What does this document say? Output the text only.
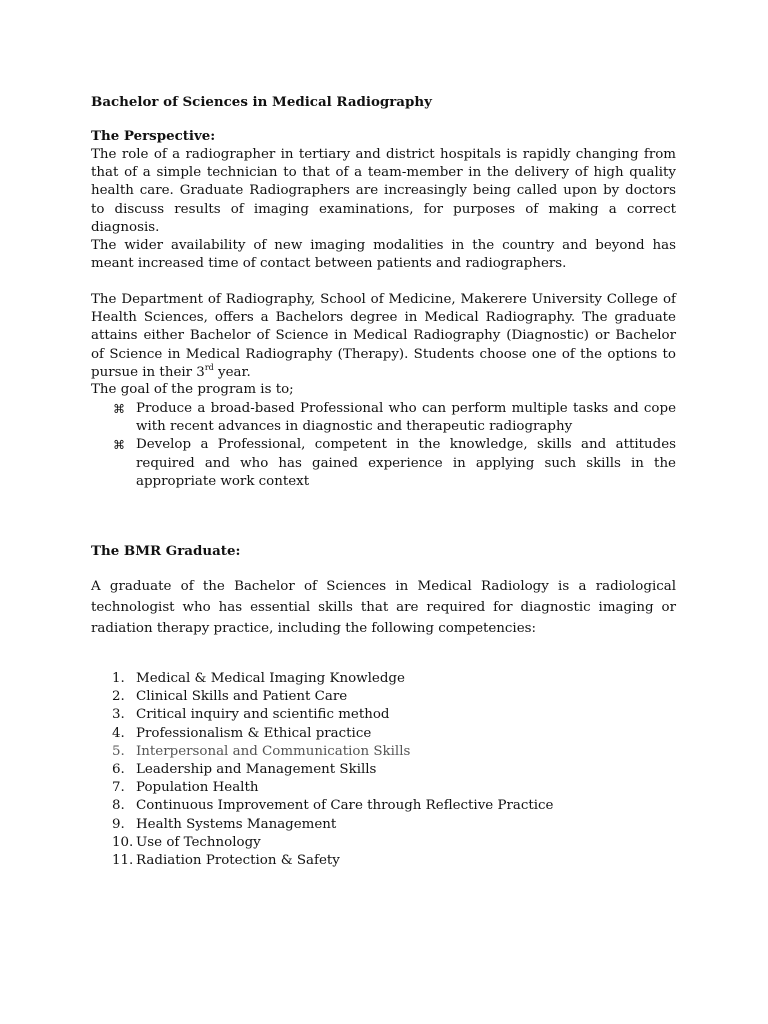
Bachelor of Sciences in Medical Radiography

The Perspective:

The role of a radiographer in tertiary and district hospitals is rapidly changing from that of a simple technician to that of a team-member in the delivery of high quality health care. Graduate Radiographers are increasingly being called upon by doctors to discuss results of imaging examinations, for purposes of making a correct diagnosis.

The wider availability of new imaging modalities in the country and beyond has meant increased time of contact between patients and radiographers.

The Department of Radiography, School of Medicine, Makerere University College of Health Sciences, offers a Bachelors degree in Medical Radiography. The graduate attains either Bachelor of Science in Medical Radiography (Diagnostic) or Bachelor of Science in Medical Radiography (Therapy). Students choose one of the options to pursue in their 3rd year.

The goal of the program is to;

⌘ Produce a broad-based Professional who can perform multiple tasks and cope with recent advances in diagnostic and therapeutic radiography
⌘ Develop a Professional, competent in the knowledge, skills and attitudes required and who has gained experience in applying such skills in the appropriate work context

The BMR Graduate:

A graduate of the Bachelor of Sciences in Medical Radiology is a radiological technologist who has essential skills that are required for diagnostic imaging or radiation therapy practice, including the following competencies:

1. Medical & Medical Imaging Knowledge
2. Clinical Skills and Patient Care
3. Critical inquiry and scientific method
4. Professionalism & Ethical practice
5. Interpersonal and Communication Skills
6. Leadership and Management Skills
7. Population Health
8. Continuous Improvement of Care through Reflective Practice
9. Health Systems Management
10. Use of Technology
11. Radiation Protection & Safety
